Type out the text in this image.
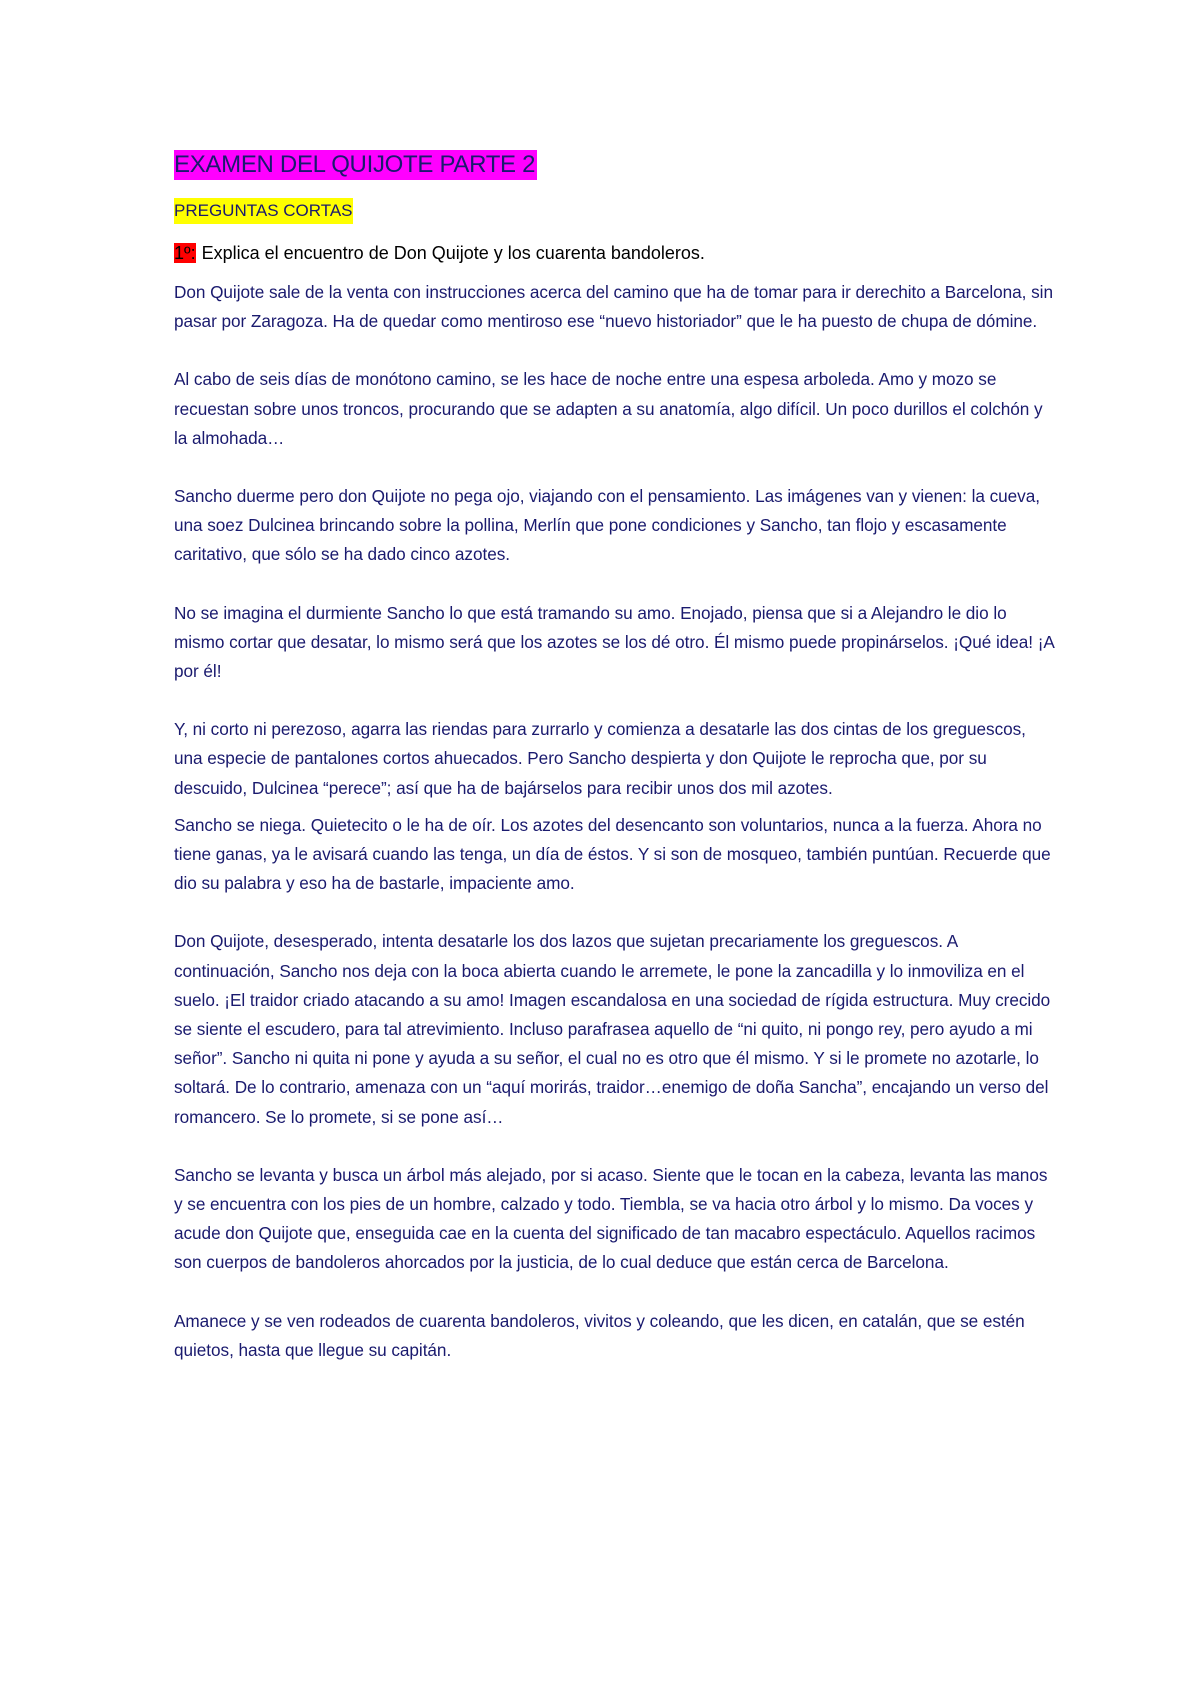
EXAMEN DEL QUIJOTE PARTE 2
PREGUNTAS CORTAS
1º: Explica el encuentro de Don Quijote y los cuarenta bandoleros.

Don Quijote sale de la venta con instrucciones acerca del camino que ha de tomar para ir derechito a Barcelona, sin pasar por Zaragoza. Ha de quedar como mentiroso ese “nuevo historiador” que le ha puesto de chupa de dómine.

Al cabo de seis días de monótono camino, se les hace de noche entre una espesa arboleda. Amo y mozo se recuestan sobre unos troncos, procurando que se adapten a su anatomía, algo difícil. Un poco durillos el colchón y la almohada…

Sancho duerme pero don Quijote no pega ojo, viajando con el pensamiento. Las imágenes van y vienen: la cueva, una soez Dulcinea brincando sobre la pollina, Merlín que pone condiciones y Sancho, tan flojo y escasamente caritativo, que sólo se ha dado cinco azotes.

No se imagina el durmiente Sancho lo que está tramando su amo. Enojado, piensa que si a Alejandro le dio lo mismo cortar que desatar, lo mismo será que los azotes se los dé otro. Él mismo puede propinárselos. ¡Qué idea! ¡A por él!

Y, ni corto ni perezoso, agarra las riendas para zurrarlo y comienza a desatarle las dos cintas de los greguescos, una especie de pantalones cortos ahuecados. Pero Sancho despierta y don Quijote le reprocha que, por su descuido, Dulcinea “perece”; así que ha de bajárselos para recibir unos dos mil azotes.

Sancho se niega. Quietecito o le ha de oír. Los azotes del desencanto son voluntarios, nunca a la fuerza. Ahora no tiene ganas, ya le avisará cuando las tenga, un día de éstos. Y si son de mosqueo, también puntúan. Recuerde que dio su palabra y eso ha de bastarle, impaciente amo.

Don Quijote, desesperado, intenta desatarle los dos lazos que sujetan precariamente los greguescos. A continuación, Sancho nos deja con la boca abierta cuando le arremete, le pone la zancadilla y lo inmoviliza en el suelo. ¡El traidor criado atacando a su amo! Imagen escandalosa en una sociedad de rígida estructura. Muy crecido se siente el escudero, para tal atrevimiento. Incluso parafrasea aquello de “ni quito, ni pongo rey, pero ayudo a mi señor”. Sancho ni quita ni pone y ayuda a su señor, el cual no es otro que él mismo. Y si le promete no azotarle, lo soltará. De lo contrario, amenaza con un “aquí morirás, traidor…enemigo de doña Sancha”, encajando un verso del romancero. Se lo promete, si se pone así…

Sancho se levanta y busca un árbol más alejado, por si acaso. Siente que le tocan en la cabeza, levanta las manos y se encuentra con los pies de un hombre, calzado y todo. Tiembla, se va hacia otro árbol y lo mismo. Da voces y acude don Quijote que, enseguida cae en la cuenta del significado de tan macabro espectáculo. Aquellos racimos son cuerpos de bandoleros ahorcados por la justicia, de lo cual deduce que están cerca de Barcelona.

Amanece y se ven rodeados de cuarenta bandoleros, vivitos y coleando, que les dicen, en catalán, que se estén quietos, hasta que llegue su capitán.
